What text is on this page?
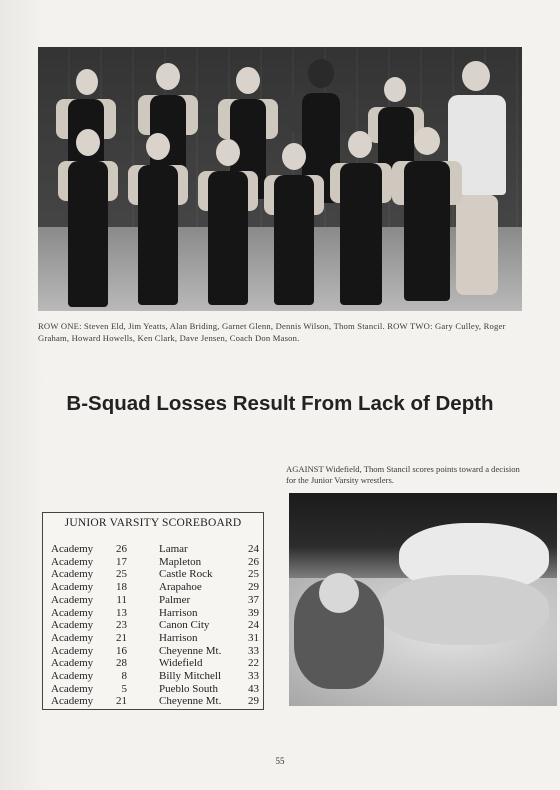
ROW ONE: Steven Eld, Jim Yeatts, Alan Briding, Garnet Glenn, Dennis Wilson, Thom Stancil. ROW TWO: Gary Culley, Roger Graham, Howard Howells, Ken Clark, Dave Jensen, Coach Don Mason.
B-Squad Losses Result From Lack of Depth
AGAINST Widefield, Thom Stancil scores points toward a decision for the Junior Varsity wrestlers.
JUNIOR VARSITY SCOREBOARD
Academy	26	Lamar	24
Academy	17	Mapleton	26
Academy	25	Castle Rock	25
Academy	18	Arapahoe	29
Academy	11	Palmer	37
Academy	13	Harrison	39
Academy	23	Canon City	24
Academy	21	Harrison	31
Academy	16	Cheyenne Mt.	33
Academy	28	Widefield	22
Academy	8	Billy Mitchell	33
Academy	5	Pueblo South	43
Academy	21	Cheyenne Mt.	29
55
